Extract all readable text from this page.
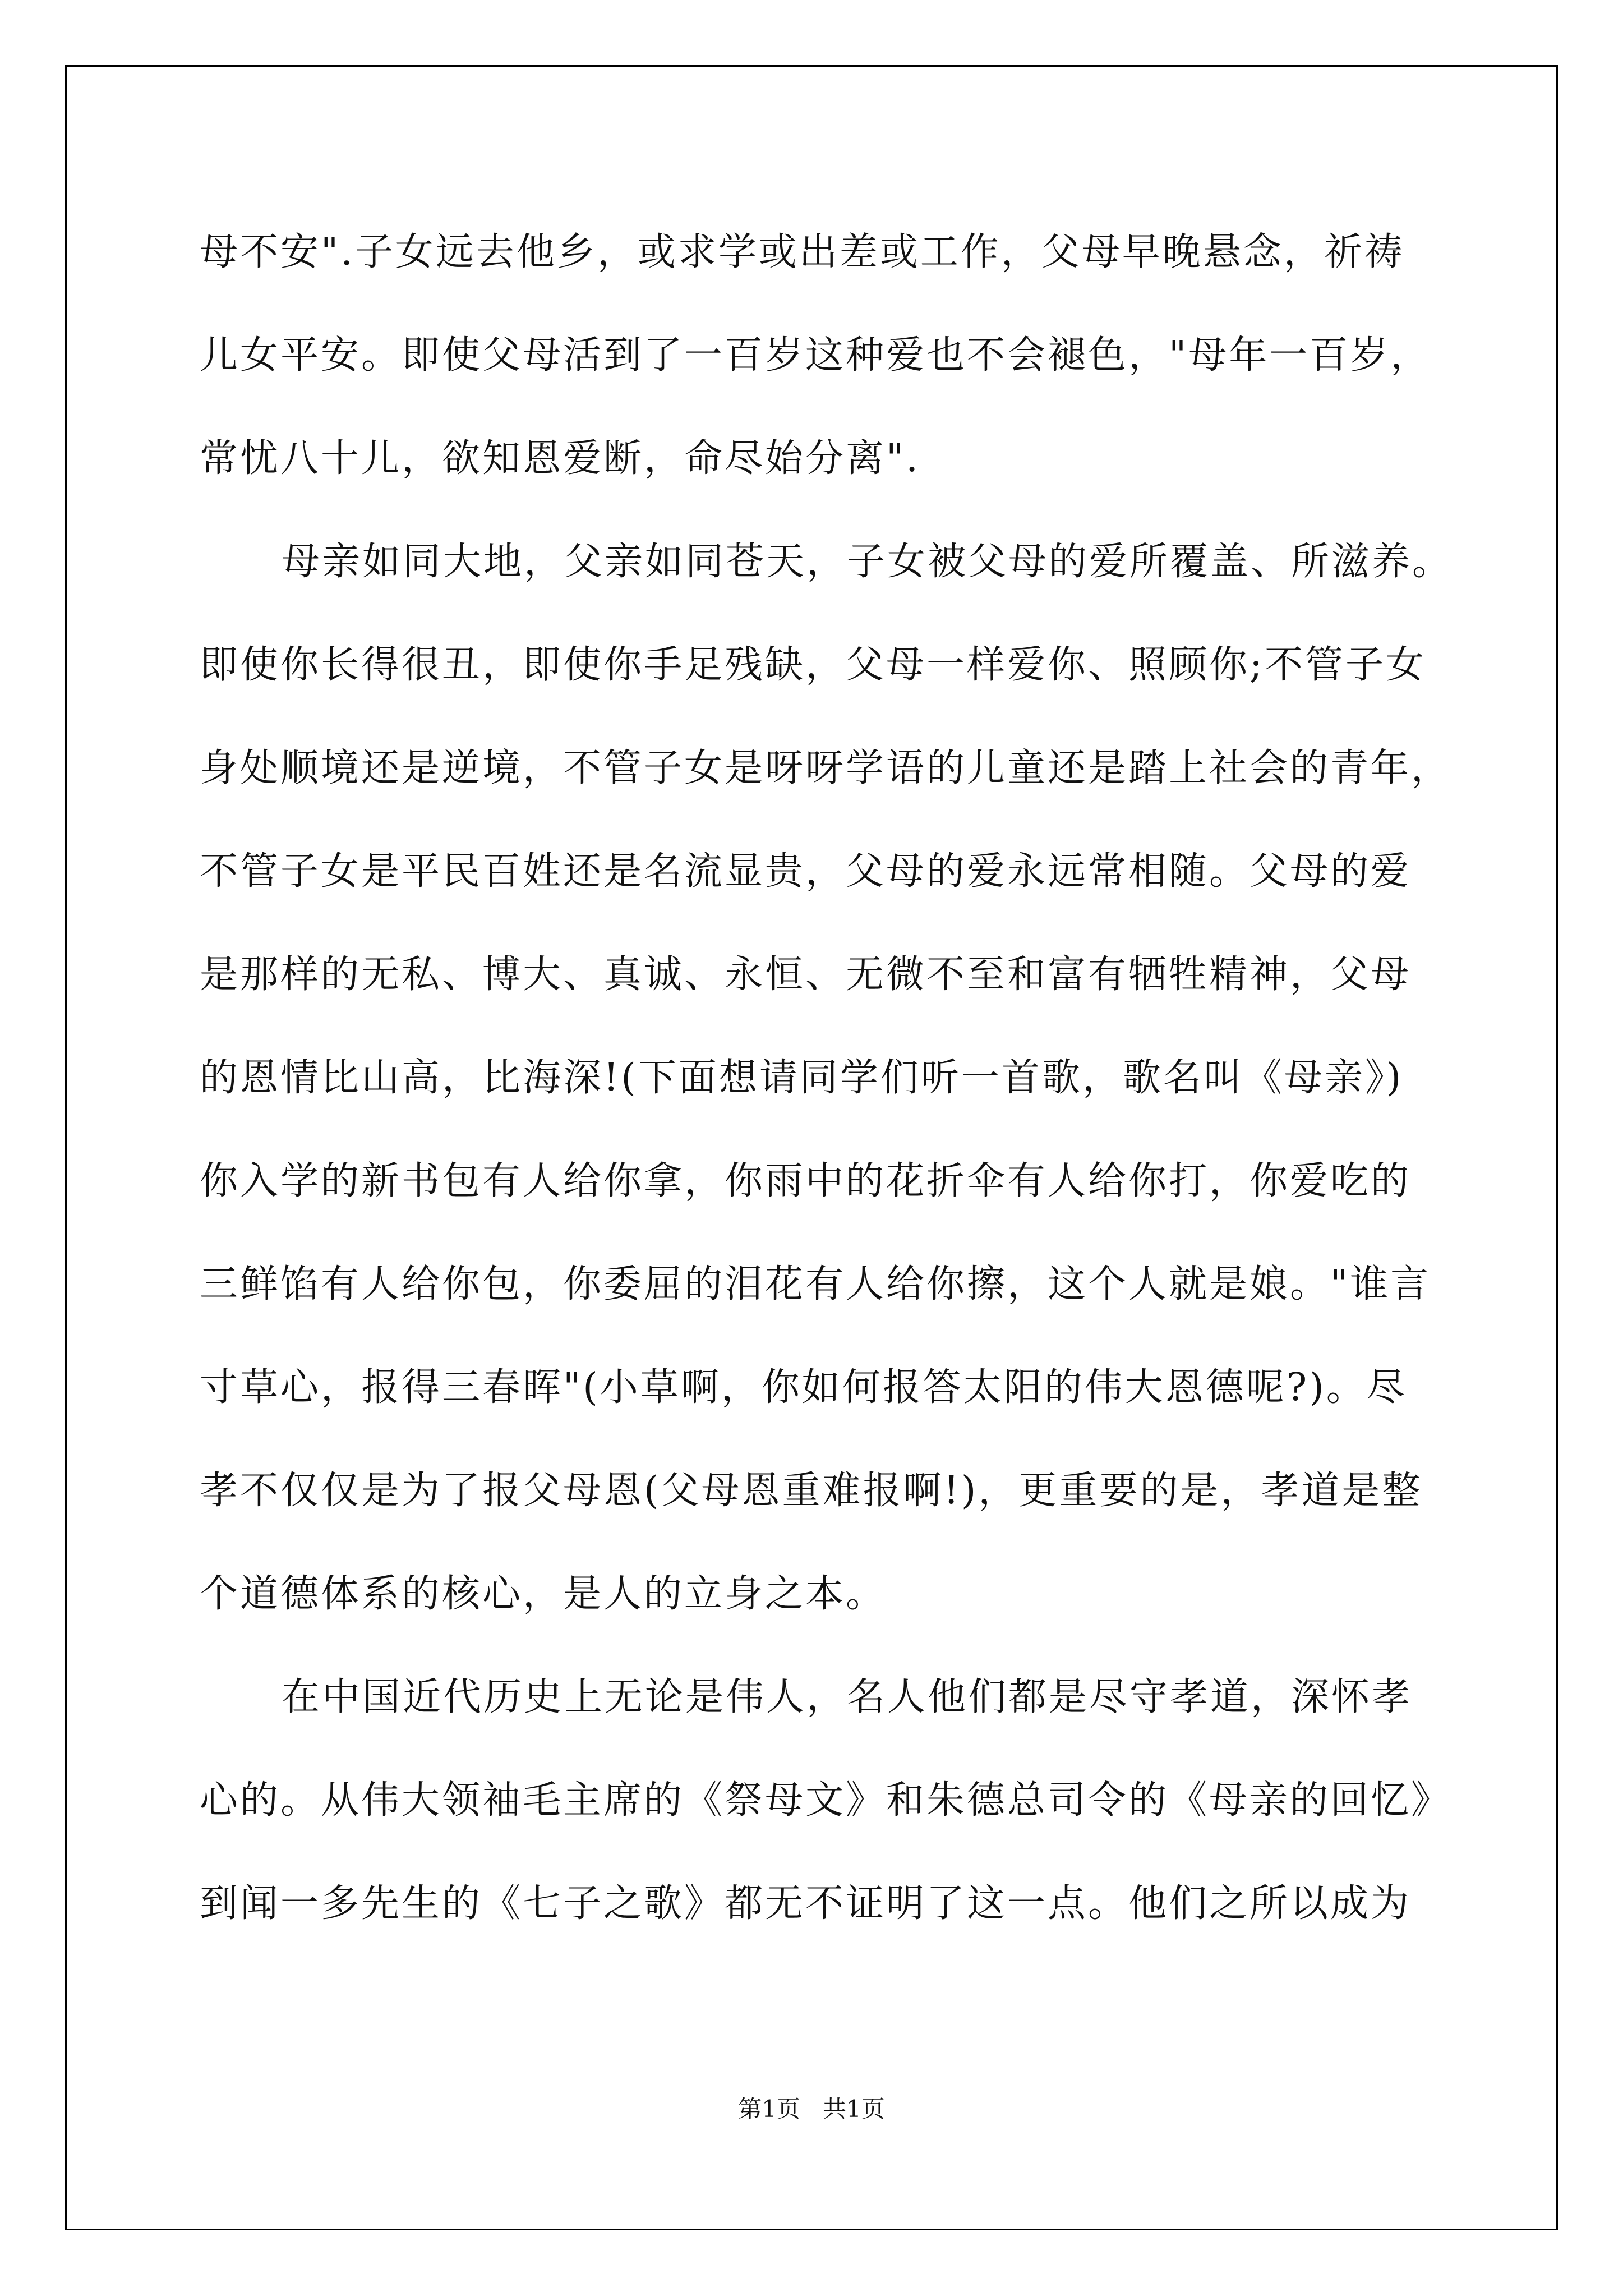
母不安".子女远去他乡，或求学或出差或工作，父母早晚悬念，祈祷
儿女平安。即使父母活到了一百岁这种爱也不会褪色，"母年一百岁，
常忧八十儿，欲知恩爱断，命尽始分离".
母亲如同大地，父亲如同苍天，子女被父母的爱所覆盖、所滋养。
即使你长得很丑，即使你手足残缺，父母一样爱你、照顾你;不管子女
身处顺境还是逆境，不管子女是呀呀学语的儿童还是踏上社会的青年，
不管子女是平民百姓还是名流显贵，父母的爱永远常相随。父母的爱
是那样的无私、博大、真诚、永恒、无微不至和富有牺牲精神，父母
的恩情比山高，比海深!(下面想请同学们听一首歌，歌名叫《母亲》)
你入学的新书包有人给你拿，你雨中的花折伞有人给你打，你爱吃的
三鲜馅有人给你包，你委屈的泪花有人给你擦，这个人就是娘。"谁言
寸草心，报得三春晖"(小草啊，你如何报答太阳的伟大恩德呢?)。尽
孝不仅仅是为了报父母恩(父母恩重难报啊!)，更重要的是，孝道是整
个道德体系的核心，是人的立身之本。
在中国近代历史上无论是伟人，名人他们都是尽守孝道，深怀孝
心的。从伟大领袖毛主席的《祭母文》和朱德总司令的《母亲的回忆》
到闻一多先生的《七子之歌》都无不证明了这一点。他们之所以成为
第1页   共1页
